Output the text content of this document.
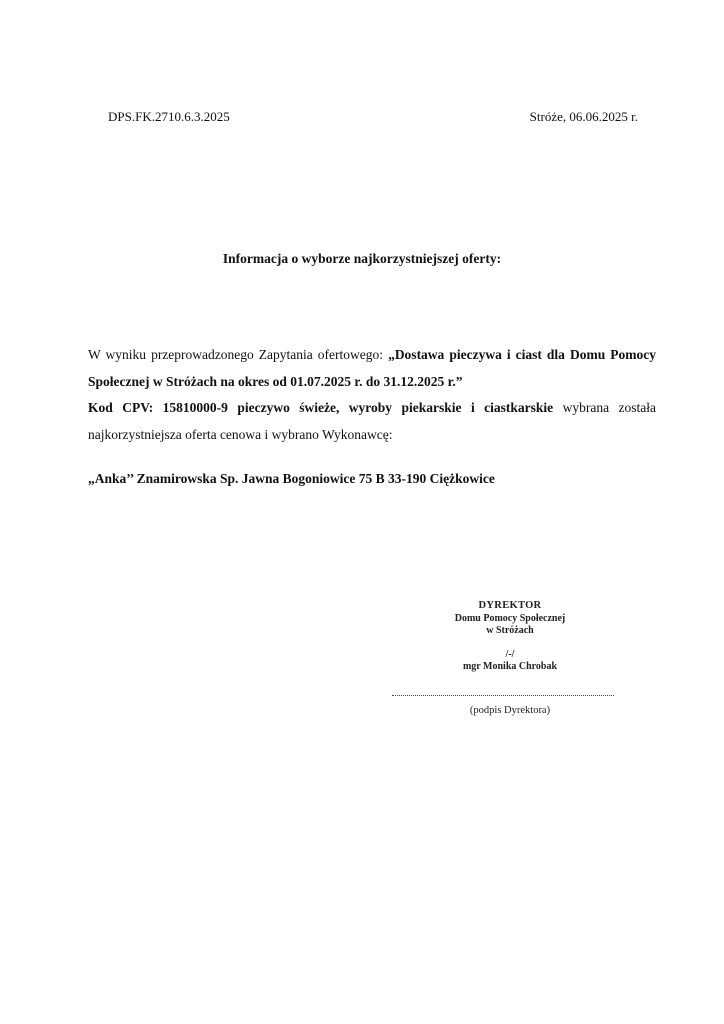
DPS.FK.2710.6.3.2025	Stróże, 06.06.2025 r.
Informacja o wyborze najkorzystniejszej oferty:

W wyniku przeprowadzonego Zapytania ofertowego: „Dostawa pieczywa i ciast dla Domu Pomocy Społecznej w Stróżach na okres od 01.07.2025 r. do 31.12.2025 r.”

Kod CPV: 15810000-9 pieczywo świeże, wyroby piekarskie i ciastkarskie wybrana została najkorzystniejsza oferta cenowa i wybrano Wykonawcę:

„Anka’’ Znamirowska Sp. Jawna Bogoniowice 75 B 33-190 Ciężkowice
DYREKTOR
Domu Pomocy Społecznej
w Stróżach
/-/
mgr Monika Chrobak
(podpis Dyrektora)
